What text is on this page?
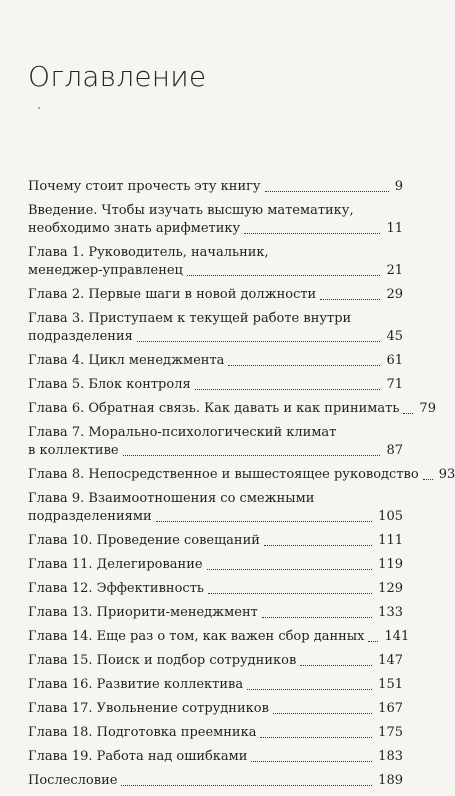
Оглавление
Почему стоит прочесть эту книгу	9
Введение. Чтобы изучать высшую математику,
необходимо знать арифметику	11
Глава 1. Руководитель, начальник,
менеджер-управленец	21
Глава 2. Первые шаги в новой должности	29
Глава 3. Приступаем к текущей работе внутри
подразделения	45
Глава 4. Цикл менеджмента	61
Глава 5. Блок контроля	71
Глава 6. Обратная связь. Как давать и как принимать 79
Глава 7. Морально-психологический климат
в коллективе	87
Глава 8. Непосредственное и вышестоящее руководство 93
Глава 9. Взаимоотношения со смежными
подразделениями	105
Глава 10. Проведение совещаний	111
Глава 11. Делегирование	119
Глава 12. Эффективность	129
Глава 13. Приорити-менеджмент	133
Глава 14. Еще раз о том, как важен сбор данных 141
Глава 15. Поиск и подбор сотрудников	147
Глава 16. Развитие коллектива	151
Глава 17. Увольнение сотрудников	167
Глава 18. Подготовка преемника	175
Глава 19. Работа над ошибками	183
Послесловие	189
